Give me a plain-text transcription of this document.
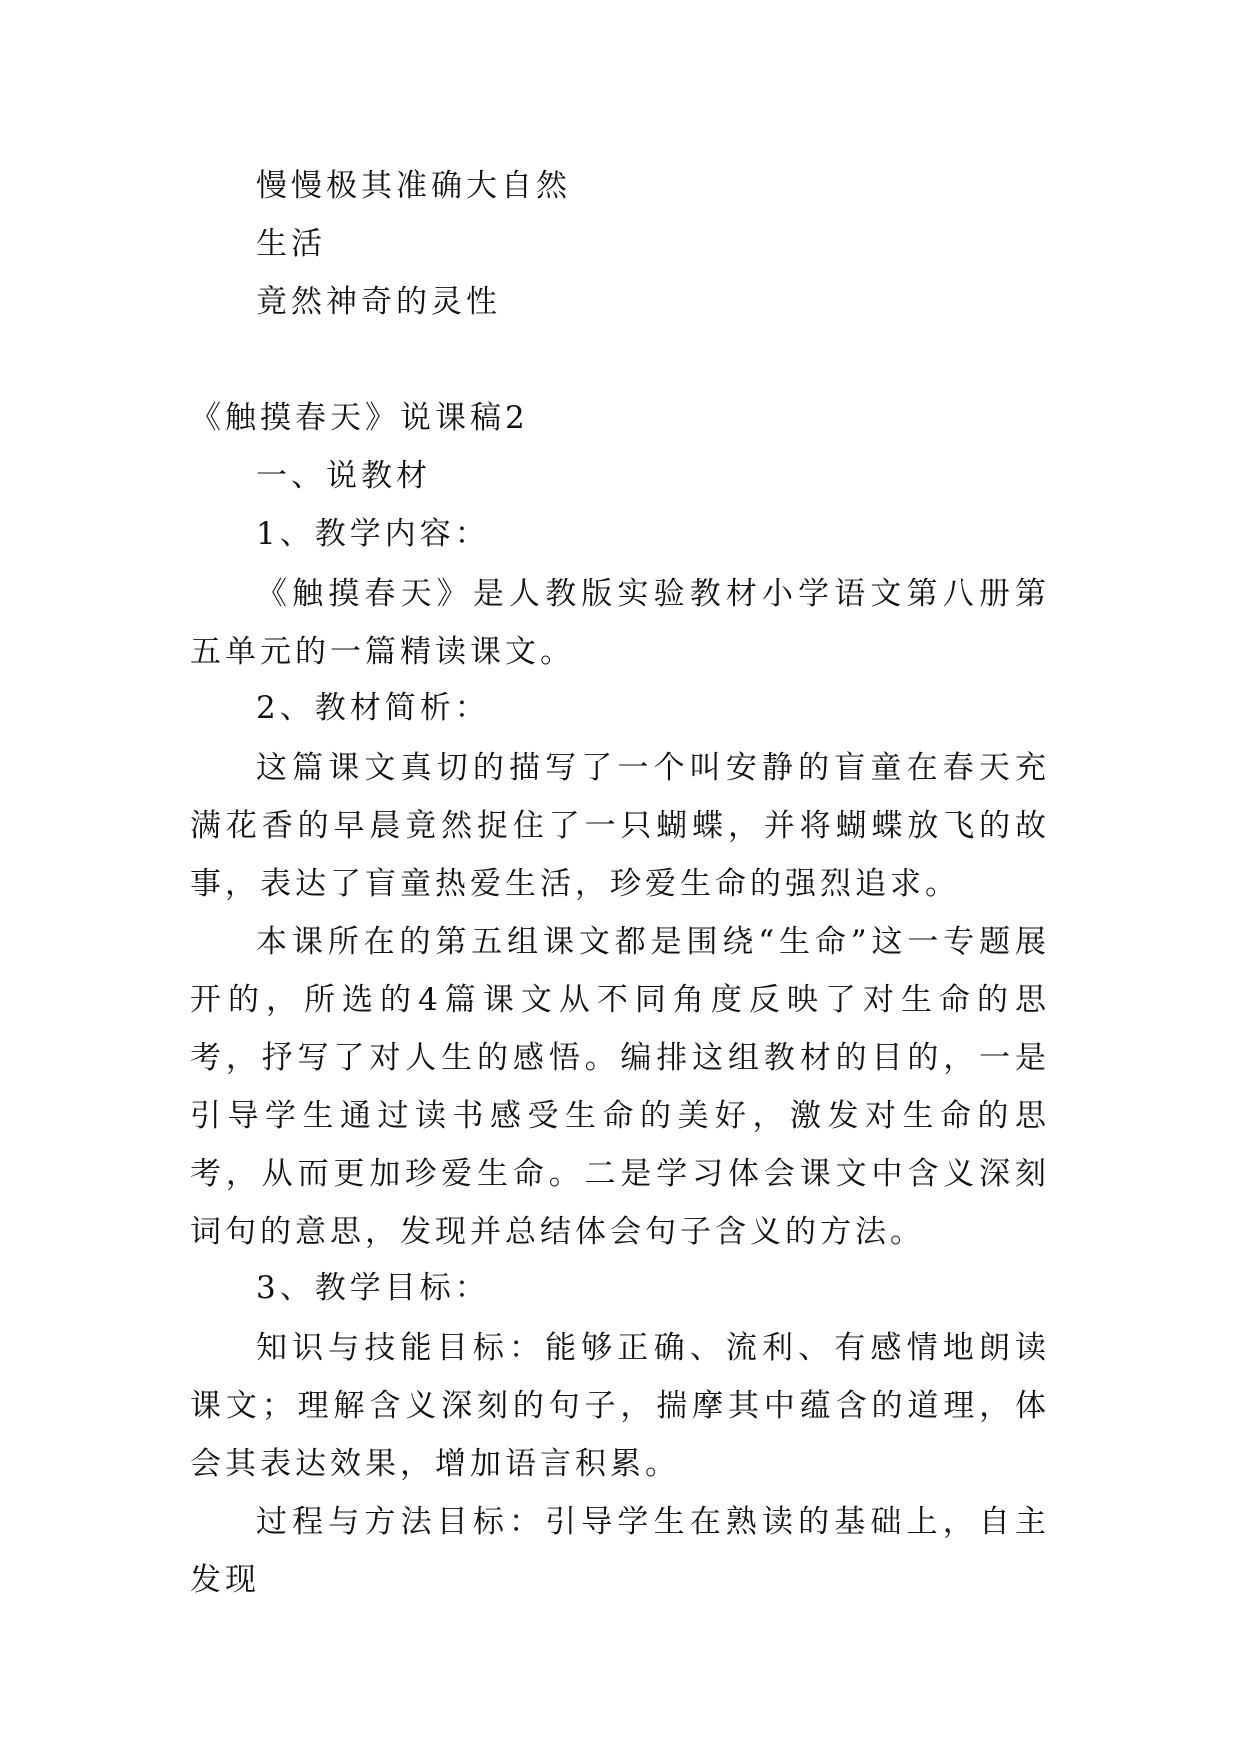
慢慢极其准确大自然
生活
竟然神奇的灵性
《触摸春天》说课稿2
一、说教材
1、教学内容：
《触摸春天》是人教版实验教材小学语文第八册第五单元的一篇精读课文。
2、教材简析：
这篇课文真切的描写了一个叫安静的盲童在春天充满花香的早晨竟然捉住了一只蝴蝶，并将蝴蝶放飞的故事，表达了盲童热爱生活，珍爱生命的强烈追求。
本课所在的第五组课文都是围绕“生命”这一专题展开的，所选的4篇课文从不同角度反映了对生命的思考，抒写了对人生的感悟。编排这组教材的目的，一是引导学生通过读书感受生命的美好，激发对生命的思考，从而更加珍爱生命。二是学习体会课文中含义深刻词句的意思，发现并总结体会句子含义的方法。
3、教学目标：
知识与技能目标：能够正确、流利、有感情地朗读课文；理解含义深刻的句子，揣摩其中蕴含的道理，体会其表达效果，增加语言积累。
过程与方法目标：引导学生在熟读的基础上，自主发现
